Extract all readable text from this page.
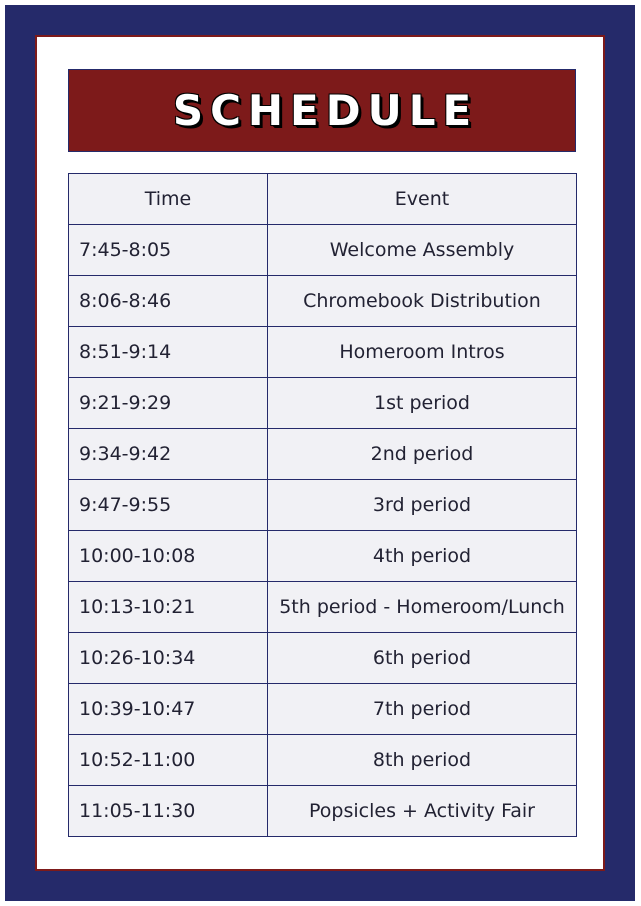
SCHEDULE
Time	Event
7:45-8:05	Welcome Assembly
8:06-8:46	Chromebook Distribution
8:51-9:14	Homeroom Intros
9:21-9:29	1st period
9:34-9:42	2nd period
9:47-9:55	3rd period
10:00-10:08	4th period
10:13-10:21	5th period - Homeroom/Lunch
10:26-10:34	6th period
10:39-10:47	7th period
10:52-11:00	8th period
11:05-11:30	Popsicles + Activity Fair
